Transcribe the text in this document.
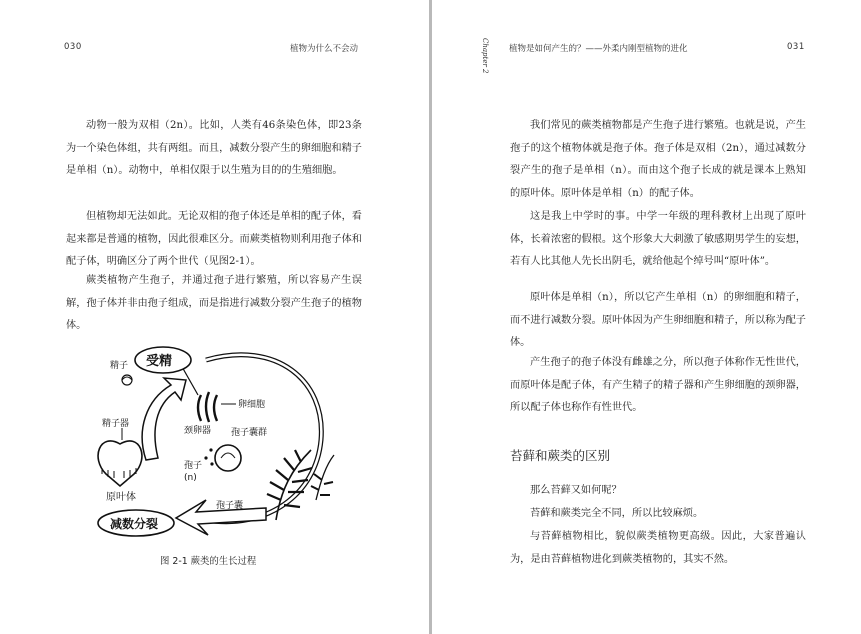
030	植物为什么不会动

动物一般为双相（2n）。比如，人类有46条染色体，即23条为一个染色体组，共有两组。而且，减数分裂产生的卵细胞和精子是单相（n）。动物中，单相仅限于以生殖为目的的生殖细胞。

但植物却无法如此。无论双相的孢子体还是单相的配子体，看起来都是普通的植物，因此很难区分。而蕨类植物则利用孢子体和配子体，明确区分了两个世代（见图2-1）。

蕨类植物产生孢子，并通过孢子进行繁殖，所以容易产生误解，孢子体并非由孢子组成，而是指进行减数分裂产生孢子的植物体。

受精
精子
精子器
原叶体
减数分裂
卵细胞
颈卵器 孢子囊群
孢子
(n)
孢子囊
图 2-1 蕨类的生长过程
Chapter 2 植物是如何产生的？——外柔内刚型植物的进化	031

我们常见的蕨类植物都是产生孢子进行繁殖。也就是说，产生孢子的这个植物体就是孢子体。孢子体是双相（2n），通过减数分裂产生的孢子是单相（n）。而由这个孢子长成的就是课本上熟知的原叶体。原叶体是单相（n）的配子体。

这是我上中学时的事。中学一年级的理科教材上出现了原叶体，长着浓密的假根。这个形象大大刺激了敏感期男学生的妄想，若有人比其他人先长出阴毛，就给他起个绰号叫“原叶体”。

原叶体是单相（n），所以它产生单相（n）的卵细胞和精子，而不进行减数分裂。原叶体因为产生卵细胞和精子，所以称为配子体。

产生孢子的孢子体没有雌雄之分，所以孢子体称作无性世代，而原叶体是配子体，有产生精子的精子器和产生卵细胞的颈卵器，所以配子体也称作有性世代。

苔藓和蕨类的区别

那么苔藓又如何呢？

苔藓和蕨类完全不同，所以比较麻烦。

与苔藓植物相比，貌似蕨类植物更高级。因此，大家普遍认为，是由苔藓植物进化到蕨类植物的，其实不然。
